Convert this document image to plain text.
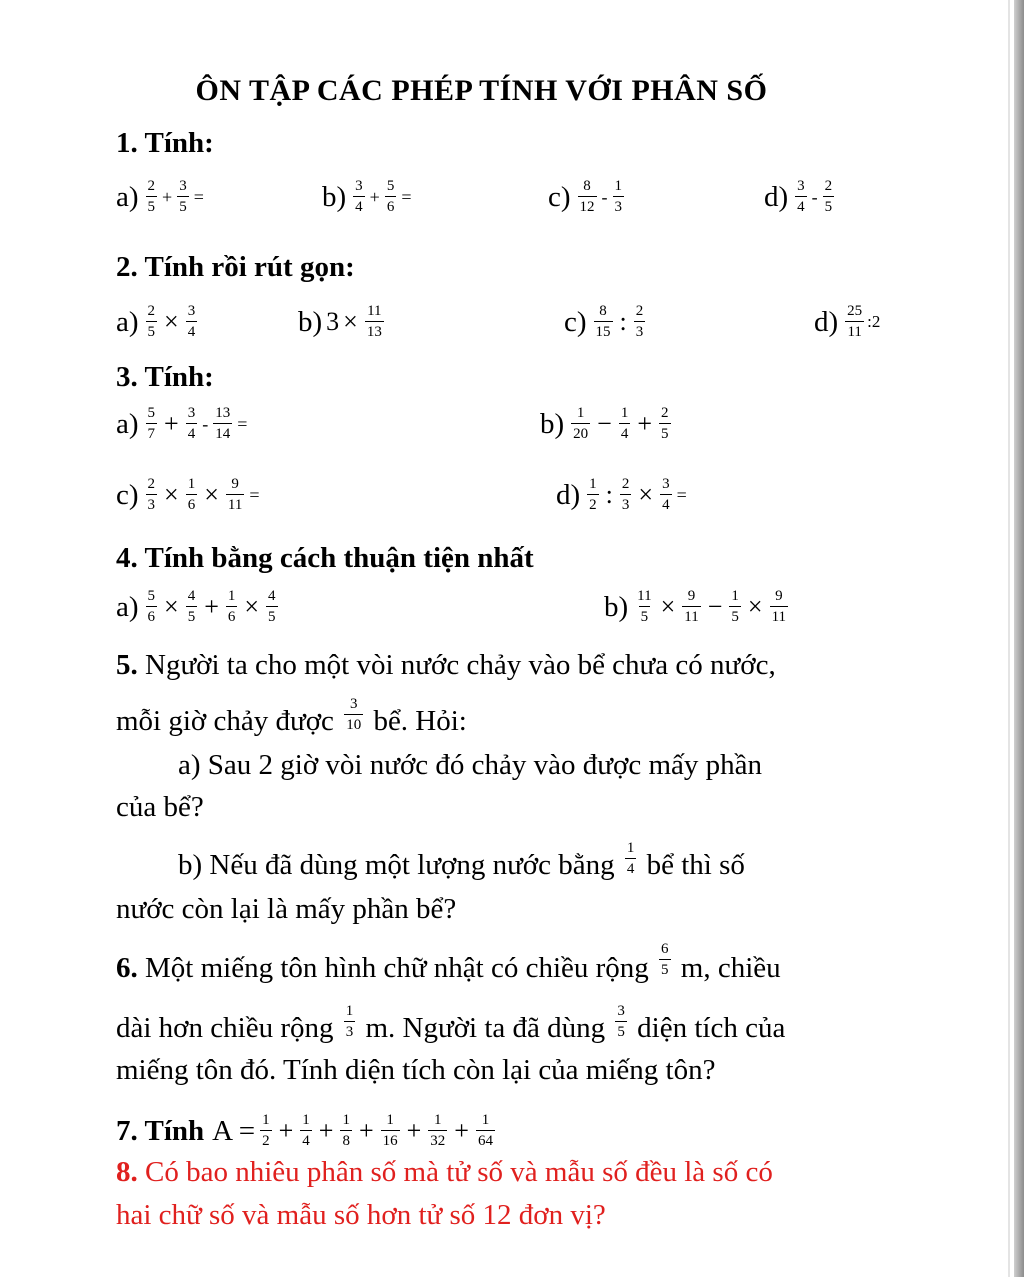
ÔN TẬP CÁC PHÉP TÍNH VỚI PHÂN SỐ
1. Tính:
$a) \frac{2}{5} + \frac{3}{5}$ =	$b) \frac{3}{4} + \frac{5}{6}$ =	$c) \frac{8}{12} - \frac{1}{3}$	$d) \frac{3}{4} - \frac{2}{5}$
2. Tính rồi rút gọn:
$a) \frac{2}{5} \times \frac{3}{4}$	b) $3 \times \frac{11}{13}$	$c) \frac{8}{15}$ : $\frac{2}{3}$	$d) \frac{25}{11}$ :2
3. Tính:
$a) \frac{5}{7} + \frac{3}{4} - \frac{13}{14}$ =	$b) \frac{1}{20} - \frac{1}{4} + \frac{2}{5}$
$c) \frac{2}{3} \times \frac{1}{6} \times \frac{9}{11}$ =	$d) \frac{1}{2}$ : $\frac{2}{3} \times \frac{3}{4}$ =
4. Tính bằng cách thuận tiện nhất
$a) \frac{5}{6} \times \frac{4}{5} + \frac{1}{6} \times \frac{4}{5}$	$b) \frac{11}{5} \times \frac{9}{11} - \frac{1}{5} \times \frac{9}{11}$
5. Người ta cho một vòi nước chảy vào bể chưa có nước,
mỗi giờ chảy được $\frac{3}{10}$ bể. Hỏi:
a) Sau 2 giờ vòi nước đó chảy vào được mấy phần
của bể?
b) Nếu đã dùng một lượng nước bằng $\frac{1}{4}$ bể thì số
nước còn lại là mấy phần bể?
6. Một miếng tôn hình chữ nhật có chiều rộng $\frac{6}{5} m$, chiều
dài hơn chiều rộng $\frac{1}{3} m$. Người ta đã dùng $\frac{3}{5}$ diện tích của
miếng tôn đó. Tính diện tích còn lại của miếng tôn?
7. Tính $A = \frac{1}{2} + \frac{1}{4} + \frac{1}{8} + \frac{1}{16} + \frac{1}{32} + \frac{1}{64}$
8. Có bao nhiêu phân số mà tử số và mẫu số đều là số có
hai chữ số và mẫu số hơn tử số 12 đơn vị?
